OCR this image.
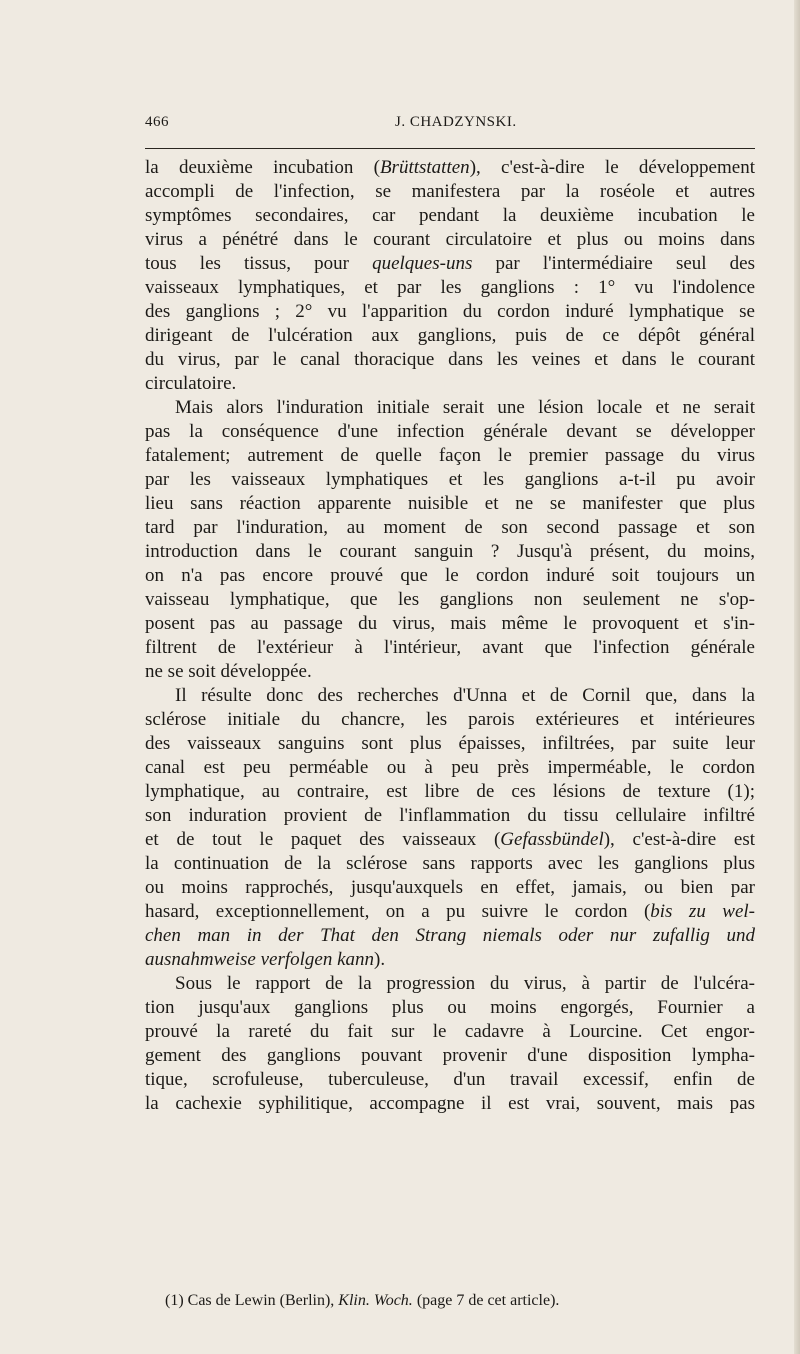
466	J. CHADZYNSKI.
la deuxième incubation (Brüttstatten), c'est-à-dire le développement
accompli de l'infection, se manifestera par la roséole et autres
symptômes secondaires, car pendant la deuxième incubation le
virus a pénétré dans le courant circulatoire et plus ou moins dans
tous les tissus, pour quelques-uns par l'intermédiaire seul des
vaisseaux lymphatiques, et par les ganglions : 1° vu l'indolence
des ganglions ; 2° vu l'apparition du cordon induré lymphatique se
dirigeant de l'ulcération aux ganglions, puis de ce dépôt général
du virus, par le canal thoracique dans les veines et dans le courant
circulatoire.
Mais alors l'induration initiale serait une lésion locale et ne serait
pas la conséquence d'une infection générale devant se développer
fatalement; autrement de quelle façon le premier passage du virus
par les vaisseaux lymphatiques et les ganglions a-t-il pu avoir
lieu sans réaction apparente nuisible et ne se manifester que plus
tard par l'induration, au moment de son second passage et son
introduction dans le courant sanguin ? Jusqu'à présent, du moins,
on n'a pas encore prouvé que le cordon induré soit toujours un
vaisseau lymphatique, que les ganglions non seulement ne s'op-
posent pas au passage du virus, mais même le provoquent et s'in-
filtrent de l'extérieur à l'intérieur, avant que l'infection générale
ne se soit développée.
Il résulte donc des recherches d'Unna et de Cornil que, dans la
sclérose initiale du chancre, les parois extérieures et intérieures
des vaisseaux sanguins sont plus épaisses, infiltrées, par suite leur
canal est peu perméable ou à peu près imperméable, le cordon
lymphatique, au contraire, est libre de ces lésions de texture (1);
son induration provient de l'inflammation du tissu cellulaire infiltré
et de tout le paquet des vaisseaux (Gefassbündel), c'est-à-dire est
la continuation de la sclérose sans rapports avec les ganglions plus
ou moins rapprochés, jusqu'auxquels en effet, jamais, ou bien par
hasard, exceptionnellement, on a pu suivre le cordon (bis zu wel-
chen man in der That den Strang niemals oder nur zufallig und
ausnahmweise verfolgen kann).
Sous le rapport de la progression du virus, à partir de l'ulcéra-
tion jusqu'aux ganglions plus ou moins engorgés, Fournier a
prouvé la rareté du fait sur le cadavre à Lourcine. Cet engor-
gement des ganglions pouvant provenir d'une disposition lympha-
tique, scrofuleuse, tuberculeuse, d'un travail excessif, enfin de
la cachexie syphilitique, accompagne il est vrai, souvent, mais pas
(1) Cas de Lewin (Berlin), Klin. Woch. (page 7 de cet article).
